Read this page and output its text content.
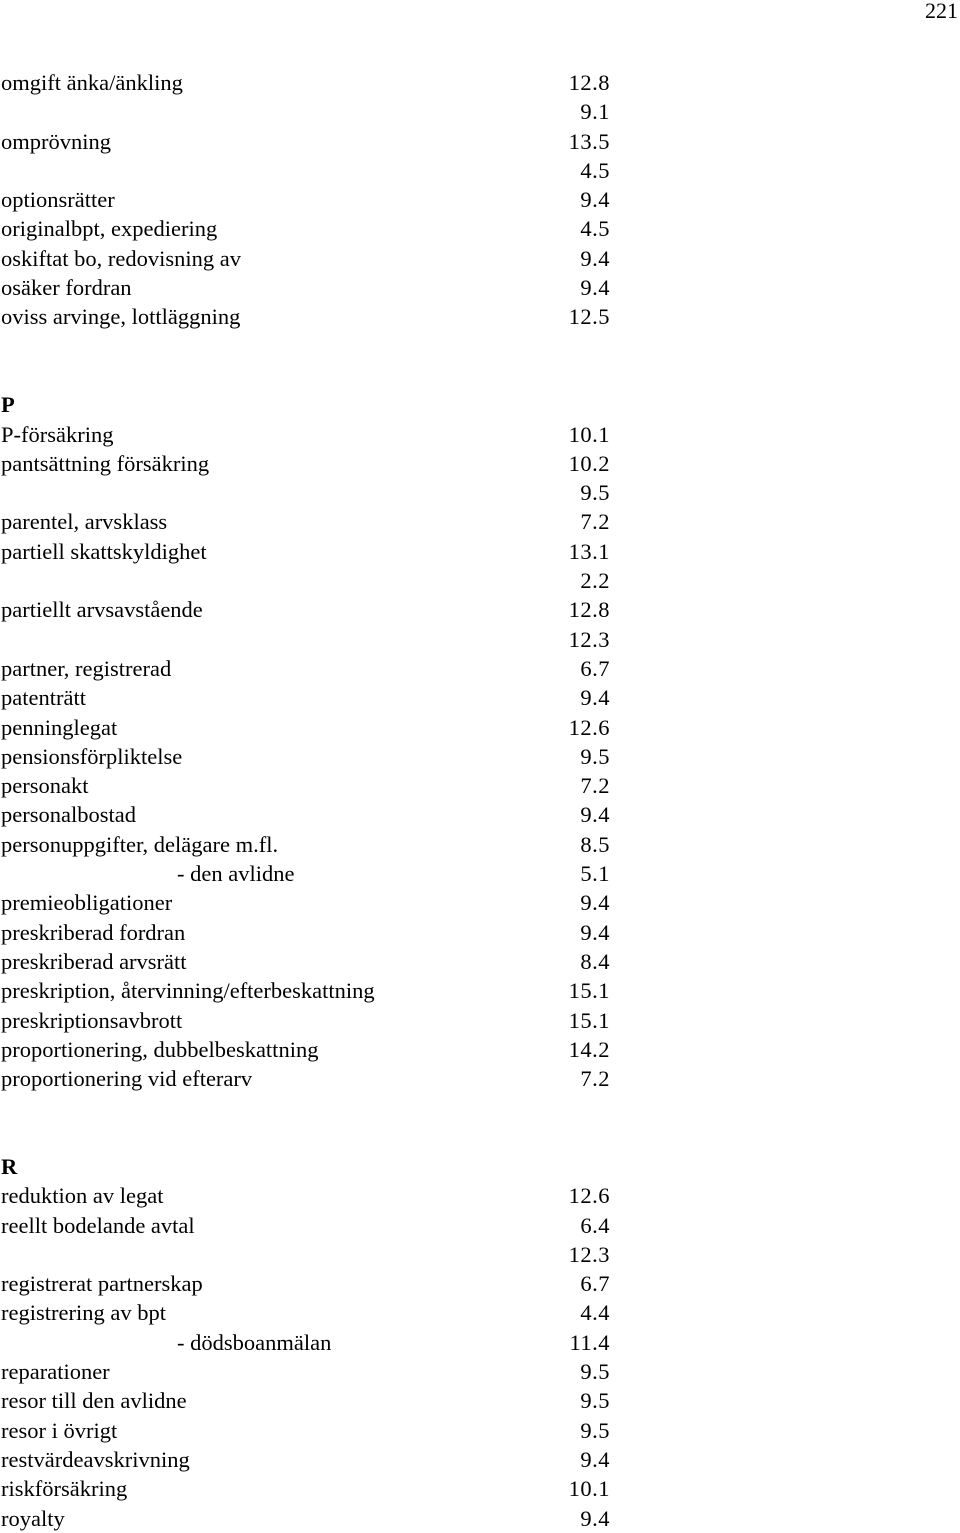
221
omgift änka/änkling	12.8
9.1
omprövning	13.5
4.5
optionsrätter	9.4
originalbpt, expediering	4.5
oskiftat bo, redovisning av	9.4
osäker fordran	9.4
oviss arvinge, lottläggning	12.5
P
P-försäkring	10.1
pantsättning försäkring	10.2
9.5
parentel, arvsklass	7.2
partiell skattskyldighet	13.1
2.2
partiellt arvsavstående	12.8
12.3
partner, registrerad	6.7
patenträtt	9.4
penninglegat	12.6
pensionsförpliktelse	9.5
personakt	7.2
personalbostad	9.4
personuppgifter, delägare m.fl.	8.5
- den avlidne	5.1
premieobligationer	9.4
preskriberad fordran	9.4
preskriberad arvsrätt	8.4
preskription, återvinning/efterbeskattning	15.1
preskriptionsavbrott	15.1
proportionering, dubbelbeskattning	14.2
proportionering vid efterarv	7.2
R
reduktion av legat	12.6
reellt bodelande avtal	6.4
12.3
registrerat partnerskap	6.7
registrering av bpt	4.4
- dödsboanmälan	11.4
reparationer	9.5
resor till den avlidne	9.5
resor i övrigt	9.5
restvärdeavskrivning	9.4
riskförsäkring	10.1
royalty	9.4
